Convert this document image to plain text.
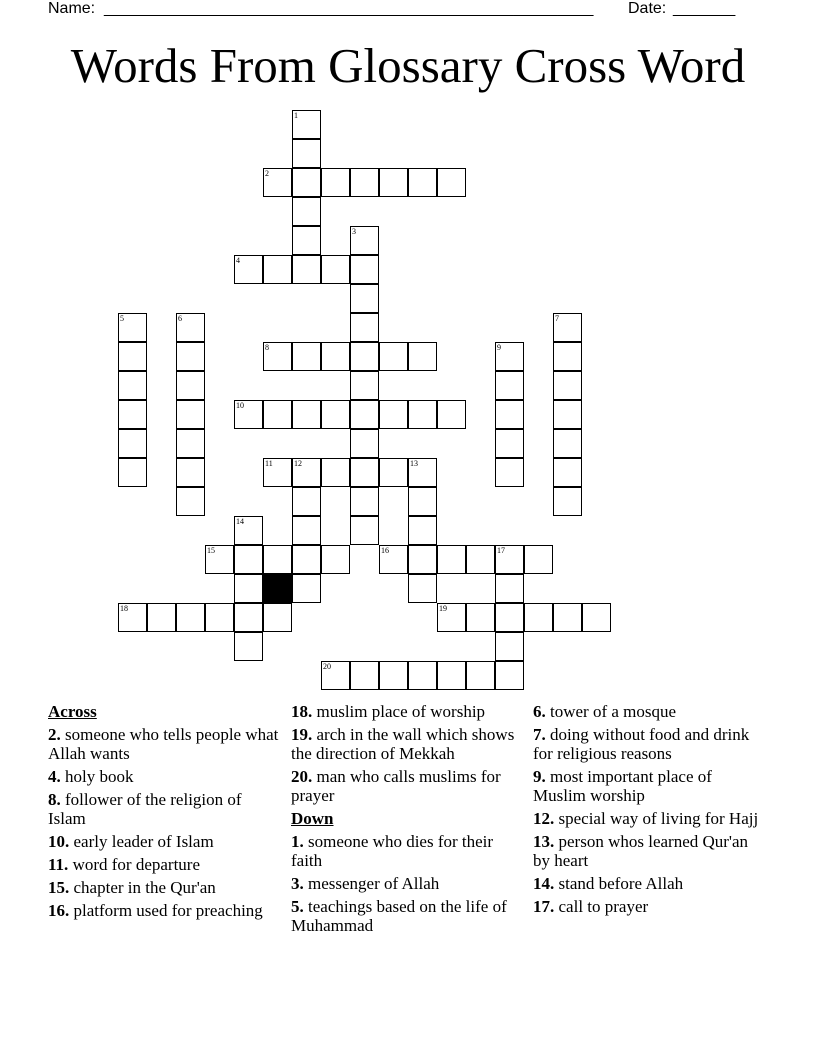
Name: _______________________________________________________ Date: _______
Words From Glossary Cross Word
1
2
3
4
5	6	7
8	9
10
11	12	13
14
15	16	17
18	19
20
Across
2. someone who tells people what Allah wants
4. holy book
8. follower of the religion of Islam
10. early leader of Islam
11. word for departure
15. chapter in the Qur'an
16. platform used for preaching
18. muslim place of worship
19. arch in the wall which shows the direction of Mekkah
20. man who calls muslims for prayer
Down
1. someone who dies for their faith
3. messenger of Allah
5. teachings based on the life of Muhammad
6. tower of a mosque
7. doing without food and drink for religious reasons
9. most important place of Muslim worship
12. special way of living for Hajj
13. person whos learned Qur'an by heart
14. stand before Allah
17. call to prayer
